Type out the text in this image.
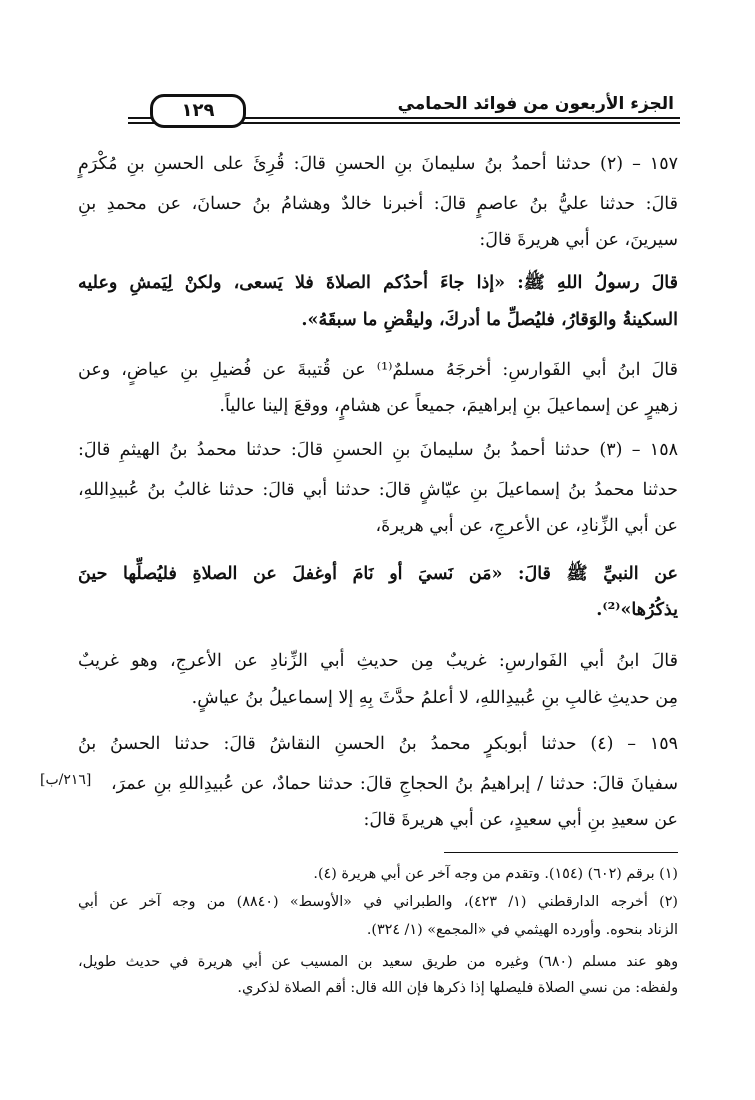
الجزء الأربعون من فوائد الحمامي
١٢٩
١٥٧ – (٢) حدثنا أحمدُ بنُ سليمانَ بنِ الحسنِ قالَ: قُرِئَ على الحسنِ بنِ مُكْرَمٍ
قالَ: حدثنا عليُّ بنُ عاصمٍ قالَ: أخبرنا خالدٌ وهشامُ بنُ حسانَ، عن محمدِ بنِ
سيرينَ، عن أبي هريرةَ قالَ:
قالَ رسولُ اللهِ ﷺ: «إذا جاءَ أحدُكم الصلاةَ فلا يَسعى، ولكنْ لِيَمشِ وعليه
السكينةُ والوَقارُ، فليُصلِّ ما أدركَ، وليقْضِ ما سبقَهُ».
قالَ ابنُ أبي الفَوارسِ: أخرجَهُ مسلمٌ⁽¹⁾ عن قُتيبةَ عن فُضيلِ بنِ عياضٍ، وعن
زهيرٍ عن إسماعيلَ بنِ إبراهيمَ، جميعاً عن هشامٍ، ووقعَ إلينا عالياً.
١٥٨ – (٣) حدثنا أحمدُ بنُ سليمانَ بنِ الحسنِ قالَ: حدثنا محمدُ بنُ الهيثمِ قالَ:
حدثنا محمدُ بنُ إسماعيلَ بنِ عيّاشٍ قالَ: حدثنا أبي قالَ: حدثنا غالبُ بنُ عُبيدِاللهِ،
عن أبي الزِّنادِ، عن الأعرجِ، عن أبي هريرةَ،
عن النبيِّ ﷺ قالَ: «مَن نَسيَ أو نَامَ أوغفلَ عن الصلاةِ فليُصلِّها حينَ
يذكُرُها»⁽²⁾.
قالَ ابنُ أبي الفَوارسِ: غريبٌ مِن حديثِ أبي الزِّنادِ عن الأعرجِ، وهو غريبٌ
مِن حديثِ غالبِ بنِ عُبيدِاللهِ، لا أعلمُ حدَّثَ بِهِ إلا إسماعيلُ بنُ عياشٍ.
١٥٩ – (٤) حدثنا أبوبكرٍ محمدُ بنُ الحسنِ النقاشُ قالَ: حدثنا الحسنُ بنُ
سفيانَ قالَ: حدثنا / إبراهيمُ بنُ الحجاجِ قالَ: حدثنا حمادٌ، عن عُبيدِاللهِ بنِ عمرَ،
عن سعيدِ بنِ أبي سعيدٍ، عن أبي هريرةَ قالَ:
[٢١٦/ب]
(١) برقم (٦٠٢) (١٥٤). وتقدم من وجه آخر عن أبي هريرة (٤).
(٢) أخرجه الدارقطني (١/ ٤٢٣)، والطبراني في «الأوسط» (٨٨٤٠) من وجه آخر عن أبي
الزناد بنحوه. وأورده الهيثمي في «المجمع» (١/ ٣٢٤).
وهو عند مسلم (٦٨٠) وغيره من طريق سعيد بن المسيب عن أبي هريرة في حديث طويل،
ولفظه: من نسي الصلاة فليصلها إذا ذكرها فإن الله قال: أقم الصلاة لذكري.
